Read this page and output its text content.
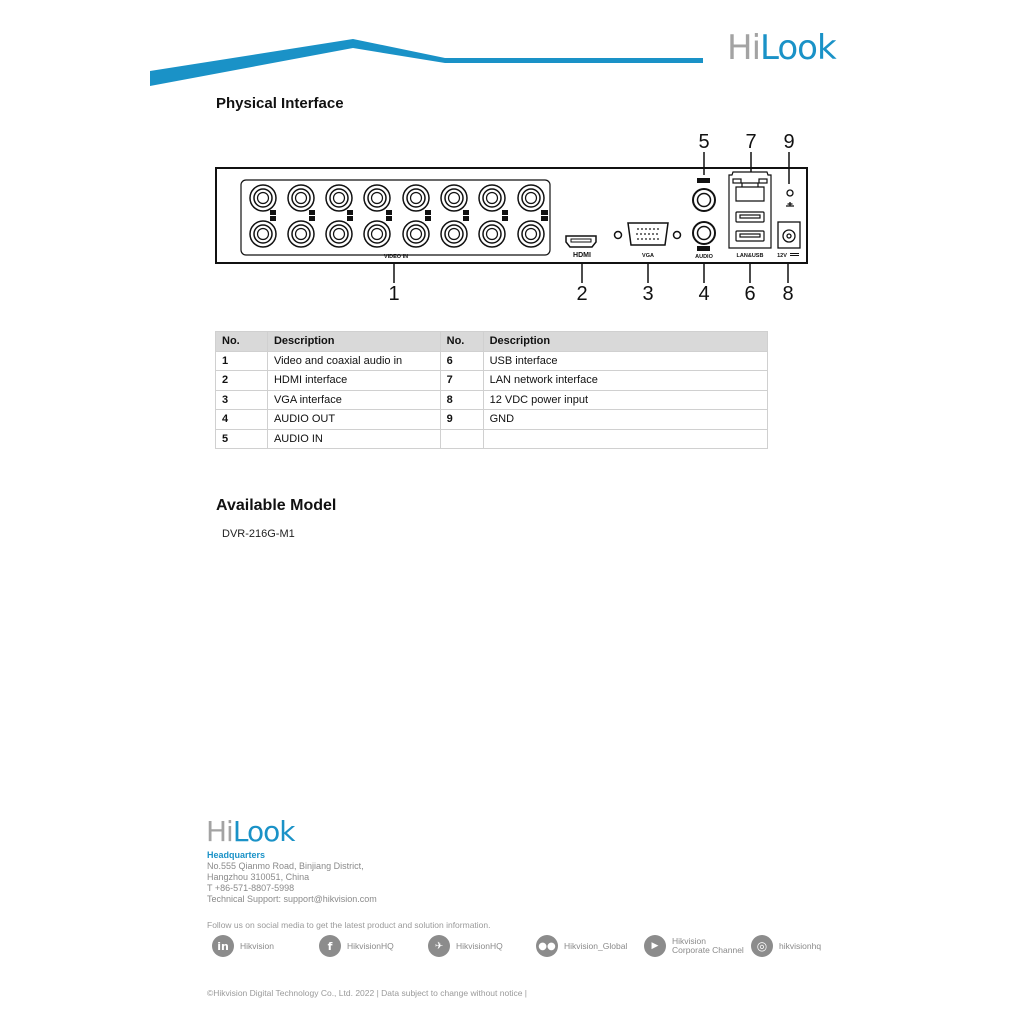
Hi Look
Physical Interface
VIDEO IN	HDMI	VGA	AUDIO	LAN&USB 12V
5 7 9
1	2	3 4 6 8
No.	Description	No.	Description
1	Video and coaxial audio in	6	USB interface
2	HDMI interface	7	LAN network interface
3	VGA interface	8	12 VDC power input
4	AUDIO OUT	9	GND
5	AUDIO IN		
Available Model
DVR-216G-M1
Hi Look
Headquarters
No.555 Qianmo Road, Binjiang District,
Hangzhou 310051, China
T +86-571-8807-5998
Technical Support: support@hikvision.com
Follow us on social media to get the latest product and solution information.
in	Hikvision	f	HikvisionHQ	✈	HikvisionHQ	●● Hikvision_Global	▶
Hikvision
Corporate Channel	◎	hikvisionhq
©Hikvision Digital Technology Co., Ltd. 2022 | Data subject to change without notice |
